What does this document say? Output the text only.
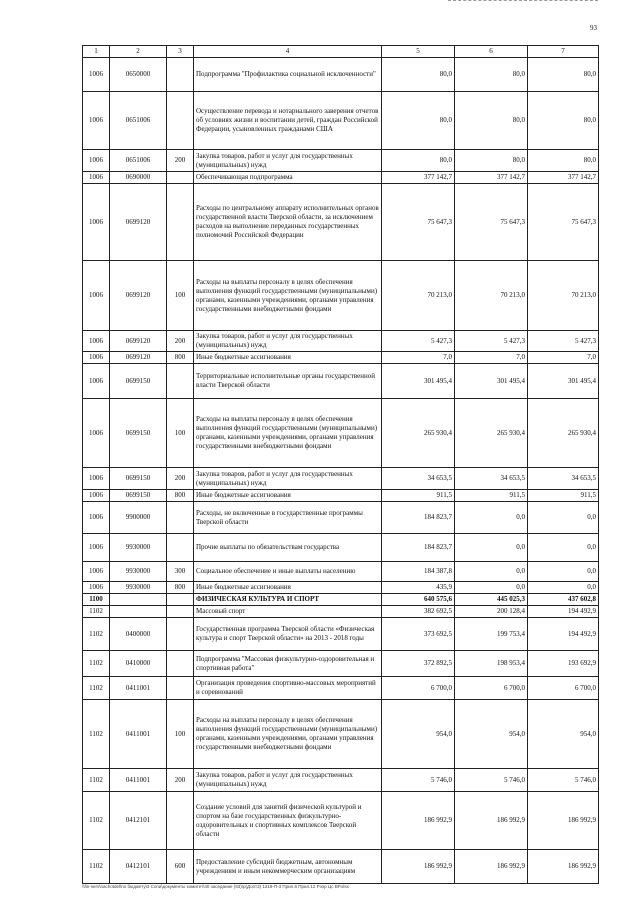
93
1	2	3	4	5	6	7
1006	0650000		Подпрограмма "Профилактика социальной исключенности"	80,0	80,0	80,0
1006	0651006		Осуществление перевода и нотариального заверения отчетов об условиях жизни и воспитании детей, граждан Российской Федерации, усыновленных гражданами США	80,0	80,0	80,0
1006	0651006	200	Закупка товаров, работ и услуг для государственных (муниципальных) нужд	80,0	80,0	80,0
1006	0690000		Обеспечивающая подпрограмма	377 142,7	377 142,7	377 142,7
1006	0699120		Расходы по центральному аппарату исполнительных органов государственной власти Тверской области, за исключением расходов на выполнение переданных государственных полномочий Российской Федерации	75 647,3	75 647,3	75 647,3
1006	0699120	100	Расходы на выплаты персоналу в целях обеспечения выполнения функций государственными (муниципальными) органами, казенными учреждениями, органами управления государственными внебюджетными фондами	70 213,0	70 213,0	70 213,0
1006	0699120	200	Закупка товаров, работ и услуг для государственных (муниципальных) нужд	5 427,3	5 427,3	5 427,3
1006	0699120	800	Иные бюджетные ассигнования	7,0	7,0	7,0
1006	0699150		Территориальные исполнительные органы государственной власти Тверской области	301 495,4	301 495,4	301 495,4
1006	0699150	100	Расходы на выплаты персоналу в целях обеспечения выполнения функций государственными (муниципальными) органами, казенными учреждениями, органами управления государственными внебюджетными фондами	265 930,4	265 930,4	265 930,4
1006	0699150	200	Закупка товаров, работ и услуг для государственных (муниципальных) нужд	34 653,5	34 653,5	34 653,5
1006	0699150	800	Иные бюджетные ассигнования	911,5	911,5	911,5
1006	9900000		Расходы, не включенные в государственные программы Тверской области	184 823,7	0,0	0,0
1006	9930000		Прочие выплаты по обязательствам государства	184 823,7	0,0	0,0
1006	9930000	300	Социальное обеспечение и иные выплаты населению	184 387,8	0,0	0,0
1006	9930000	800	Иные бюджетные ассигнования	435,9	0,0	0,0
1100			ФИЗИЧЕСКАЯ КУЛЬТУРА И СПОРТ	640 575,6	445 025,3	437 602,8
1102			Массовый спорт	382 692,5	200 128,4	194 492,9
1102	0400000		Государственная программа Тверской области «Физическая культура и спорт Тверской области» на 2013 - 2018 годы	373 692,5	199 753,4	194 492,9
1102	0410000		Подпрограмма "Массовая физкультурно-оздоровительная и спортивная работа"	372 892,5	198 953,4	193 692,9
1102	0411001		Организация проведения спортивно-массовых мероприятий и соревнований	6 700,0	6 700,0	6 700,0
1102	0411001	100	Расходы на выплаты персоналу в целях обеспечения выполнения функций государственными (муниципальными) органами, казенными учреждениями, органами управления государственными внебюджетными фондами	954,0	954,0	954,0
1102	0411001	200	Закупка товаров, работ и услуг для государственных (муниципальных) нужд	5 746,0	5 746,0	5 746,0
1102	0412101		Создание условий для занятий физической культурой и спортом на базе государственных физкультурно-оздоровительных и спортивных комплексов Тверской области	186 992,9	186 992,9	186 992,9
1102	0412101	600	Предоставление субсидий бюджетным, автономным учреждениям и иным некоммерческим организациям	186 992,9	186 992,9	186 992,9
\\fin-serv\nachotdel\по бюджету\3 Сопи\документы комитет\40 заседание (93)\р(Допт3) 1219-П-3 Прил.6 Прил.12 Рзпр Цс ВР.xlsx
